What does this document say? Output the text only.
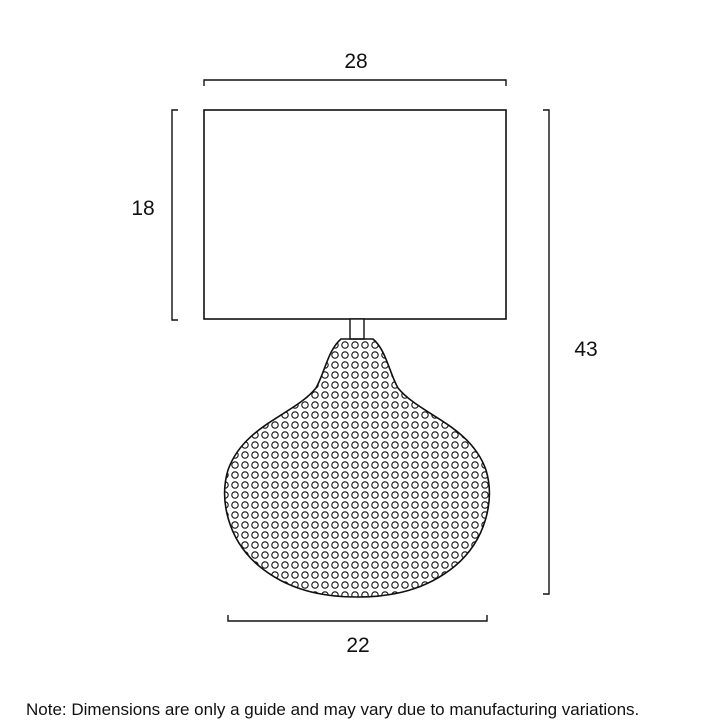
28
18
43
22
Note: Dimensions are only a guide and may vary due to manufacturing variations.
